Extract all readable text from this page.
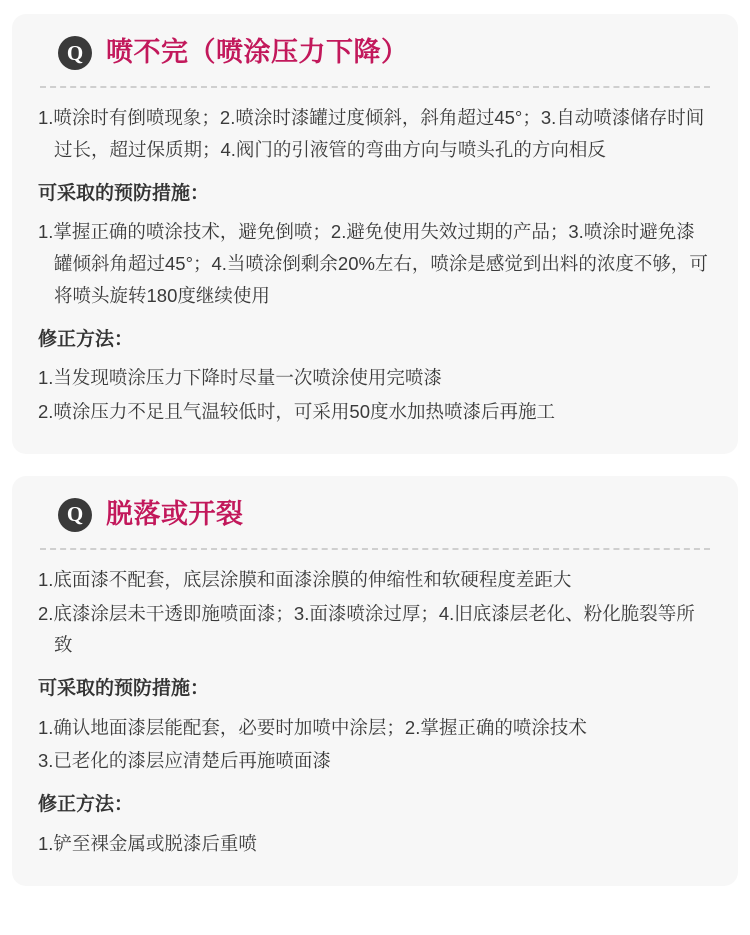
Q 喷不完（喷涂压力下降）

1.喷涂时有倒喷现象；2.喷涂时漆罐过度倾斜，斜角超过45°；3.自动喷漆储存时间过长，超过保质期；4.阀门的引液管的弯曲方向与喷头孔的方向相反

可采取的预防措施：

1.掌握正确的喷涂技术，避免倒喷；2.避免使用失效过期的产品；3.喷涂时避免漆罐倾斜角超过45°；4.当喷涂倒剩余20%左右，喷涂是感觉到出料的浓度不够，可将喷头旋转180度继续使用

修正方法：

1.当发现喷涂压力下降时尽量一次喷涂使用完喷漆

2.喷涂压力不足且气温较低时，可采用50度水加热喷漆后再施工

Q 脱落或开裂

1.底面漆不配套，底层涂膜和面漆涂膜的伸缩性和软硬程度差距大

2.底漆涂层未干透即施喷面漆；3.面漆喷涂过厚；4.旧底漆层老化、粉化脆裂等所致

可采取的预防措施：

1.确认地面漆层能配套，必要时加喷中涂层；2.掌握正确的喷涂技术

3.已老化的漆层应清楚后再施喷面漆

修正方法：

1.铲至裸金属或脱漆后重喷
